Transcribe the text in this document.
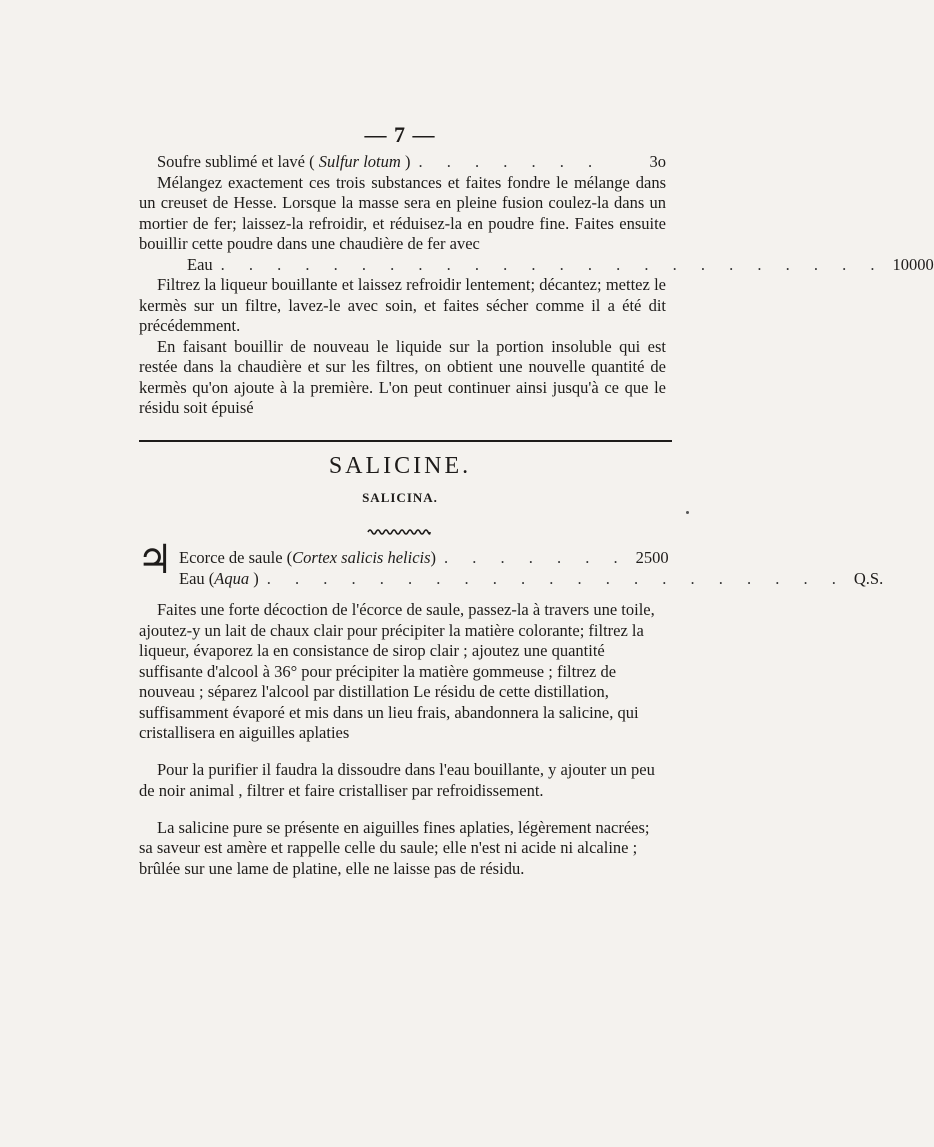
— 7 —
Soufre sublimé et lavé ( Sulfur lotum ) . . . . . . .	3o

Mélangez exactement ces trois substances et faites fondre le mélange dans un creuset de Hesse. Lorsque la masse sera en pleine fusion coulez-la dans un mortier de fer; laissez-la refroidir, et réduisez-la en poudre fine. Faites ensuite bouillir cette poudre dans une chaudière de fer avec

Eau . . . . . . . . . . . . . . . . . . . . . . . . 10000

Filtrez la liqueur bouillante et laissez refroidir lentement; décantez; mettez le kermès sur un filtre, lavez-le avec soin, et faites sécher comme il a été dit précédemment.

En faisant bouillir de nouveau le liquide sur la portion insoluble qui est restée dans la chaudière et sur les filtres, on obtient une nouvelle quantité de kermès qu'on ajoute à la première. L'on peut continuer ainsi jusqu'à ce que le résidu soit épuisé

SALICINE.
SALICINA.
♃ Ecorce de saule (Cortex salicis helicis) . . . . . . . 2500
Eau (Aqua ) . . . . . . . . . . . . . . . . . . . . . Q.S.

Faites une forte décoction de l'écorce de saule, passez-la à travers une toile, ajoutez-y un lait de chaux clair pour précipiter la matière colorante; filtrez la liqueur, évaporez la en consistance de sirop clair ; ajoutez une quantité suffisante d'alcool à 36° pour précipiter la matière gommeuse ; filtrez de nouveau ; séparez l'alcool par distillation Le résidu de cette distillation, suffisamment évaporé et mis dans un lieu frais, abandonnera la salicine, qui cristallisera en aiguilles aplaties

Pour la purifier il faudra la dissoudre dans l'eau bouillante, y ajouter un peu de noir animal , filtrer et faire cristalliser par refroidissement.

La salicine pure se présente en aiguilles fines aplaties, légèrement nacrées; sa saveur est amère et rappelle celle du saule; elle n'est ni acide ni alcaline ; brûlée sur une lame de platine, elle ne laisse pas de résidu.
